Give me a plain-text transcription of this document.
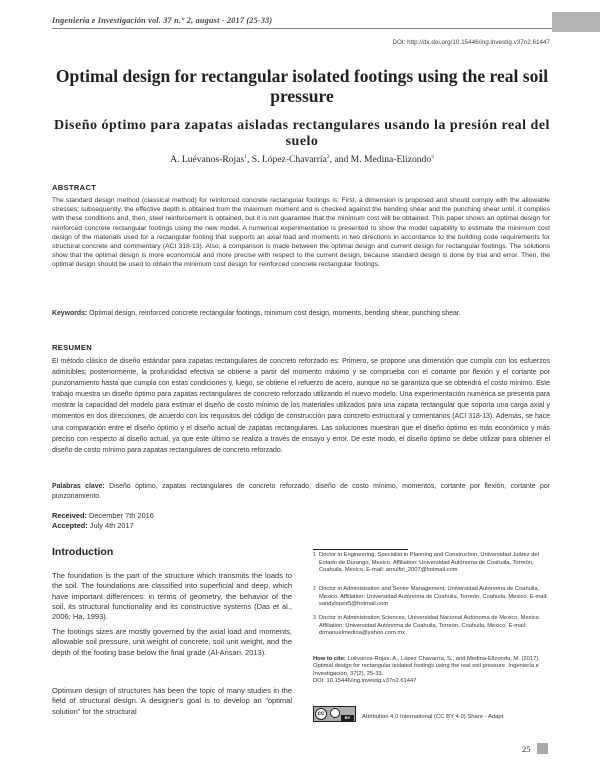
Ingeniería e Investigación vol. 37 n.° 2, august - 2017 (25-33)
DOI: http://dx.doi.org/10.15446/ing.investig.v37n2.61447
Optimal design for rectangular isolated footings using the real soil pressure
Diseño óptimo para zapatas aisladas rectangulares usando la presión real del suelo
A. Luévanos-Rojas$^1$, S. López-Chavarría$^2$, and M. Medina-Elizondo$^3$
ABSTRACT
The standard design method (classical method) for reinforced concrete rectangular footings is: First, a dimension is proposed and should comply with the allowable stresses; subsequently, the effective depth is obtained from the maximum moment and is checked against the bending shear and the punching shear until, it complies with these conditions and, then, steel reinforcement is obtained, but it is not guarantee that the minimum cost will be obtained. This paper shows an optimal design for reinforced concrete rectangular footings using the new model. A numerical experimentation is presented to show the model capability to estimate the minimum cost design of the materials used for a rectangular footing that supports an axial load and moments in two directions in accordance to the building code requirements for structural concrete and commentary (ACI 318-13). Also, a comparison is made between the optimal design and current design for rectangular footings. The solutions show that the optimal design is more economical and more precise with respect to the current design, because standard design is done by trial and error. Then, the optimal design should be used to obtain the minimum cost design for reinforced concrete rectangular footings.
Keywords: Optimal design, reinforced concrete rectangular footings, minimum cost design, moments, bending shear, punching shear.
RESUMEN
El método clásico de diseño estándar para zapatas rectangulares de concreto reforzado es: Primero, se propone una dimensión que cumpla con los esfuerzos admisibles; posteriormente, la profundidad efectiva se obtiene a partir del momento máximo y se comprueba con el cortante por flexión y el cortante por punzonamiento hasta que cumpla con estas condiciones y, luego, se obtiene el refuerzo de acero, aunque no se garantiza que se obtendrá el costo mínimo. Este trabajo muestra un diseño óptimo para zapatas rectangulares de concreto reforzado utilizando el nuevo modelo. Una experimentación numérica se presenta para mostrar la capacidad del modelo para estimar el diseño de costo mínimo de los materiales utilizados para una zapata rectangular que soporta una carga axial y momentos en dos direcciones, de acuerdo con los requisitos del código de construcción para concreto estructural y comentarios (ACI 318-13). Además, se hace una comparación entre el diseño óptimo y el diseño actual de zapatas rectangulares. Las soluciones muestran que el diseño óptimo es más económico y más preciso con respecto al diseño actual, ya que este último se realiza a través de ensayo y error. De este modo, el diseño óptimo se debe utilizar para obtener el diseño de costo mínimo para zapatas rectangulares de concreto reforzado.
Palabras clave: Diseño óptimo, zapatas rectangulares de concreto reforzado, diseño de costo mínimo, momentos, cortante por flexión, cortante por punzonamiento.
Received: December 7th 2016
Accepted: July 4th 2017
Introduction
The foundation is the part of the structure which transmits the loads to the soil. The foundations are classified into superficial and deep, which have important differences: in terms of geometry, the behavior of the soil, its structural functionality and its constructive systems (Das et al., 2006; Ha, 1993).
The footings sizes are mostly governed by the axial load and moments, allowable soil pressure, unit weight of concrete, soil unit weight, and the depth of the footing base below the final grade (Al-Ansari, 2013).
Optimum design of structures has been the topic of many studies in the field of structural design. A designer's goal is to develop an “optimal solution” for the structural
1 Doctor in Engineering, Specialist in Planning and Construction, Universidad Juárez del Estado de Durango, Mexico. Affiliation: Universidad Autónoma de Coahuila, Torreón, Coahuila, Mexico. E-mail: arnulfol_2007@hotmail.com
2 Doctor in Administration and Senior Management, Universidad Autónoma de Coahuila, Mexico. Affiliation: Universidad Autónoma de Coahuila, Torreón, Coahuila, Mexico. E-mail: sandylopez5@hotmail.com
3 Doctor in Administration Sciences, Universidad Nacional Autónoma de Mexico, Mexico. Affiliation: Universidad Autónoma de Coahuila, Torreón, Coahuila, Mexico. E-mail: drmanuelmedina@yahoo.com.mx
How to cite: Luévanos-Rojas, A., López Chavarría, S., and Medina-Elizondo, M. (2017). Optimal design for rectangular isolated footings using the real soil pressure. Ingeniería e Investigación, 37(2), 25-33.
DOI: 10.15446/ing.investig.v37n2.61447
cc
BY	Attribution 4.0 International (CC BY 4.0) Share - Adapt
25
